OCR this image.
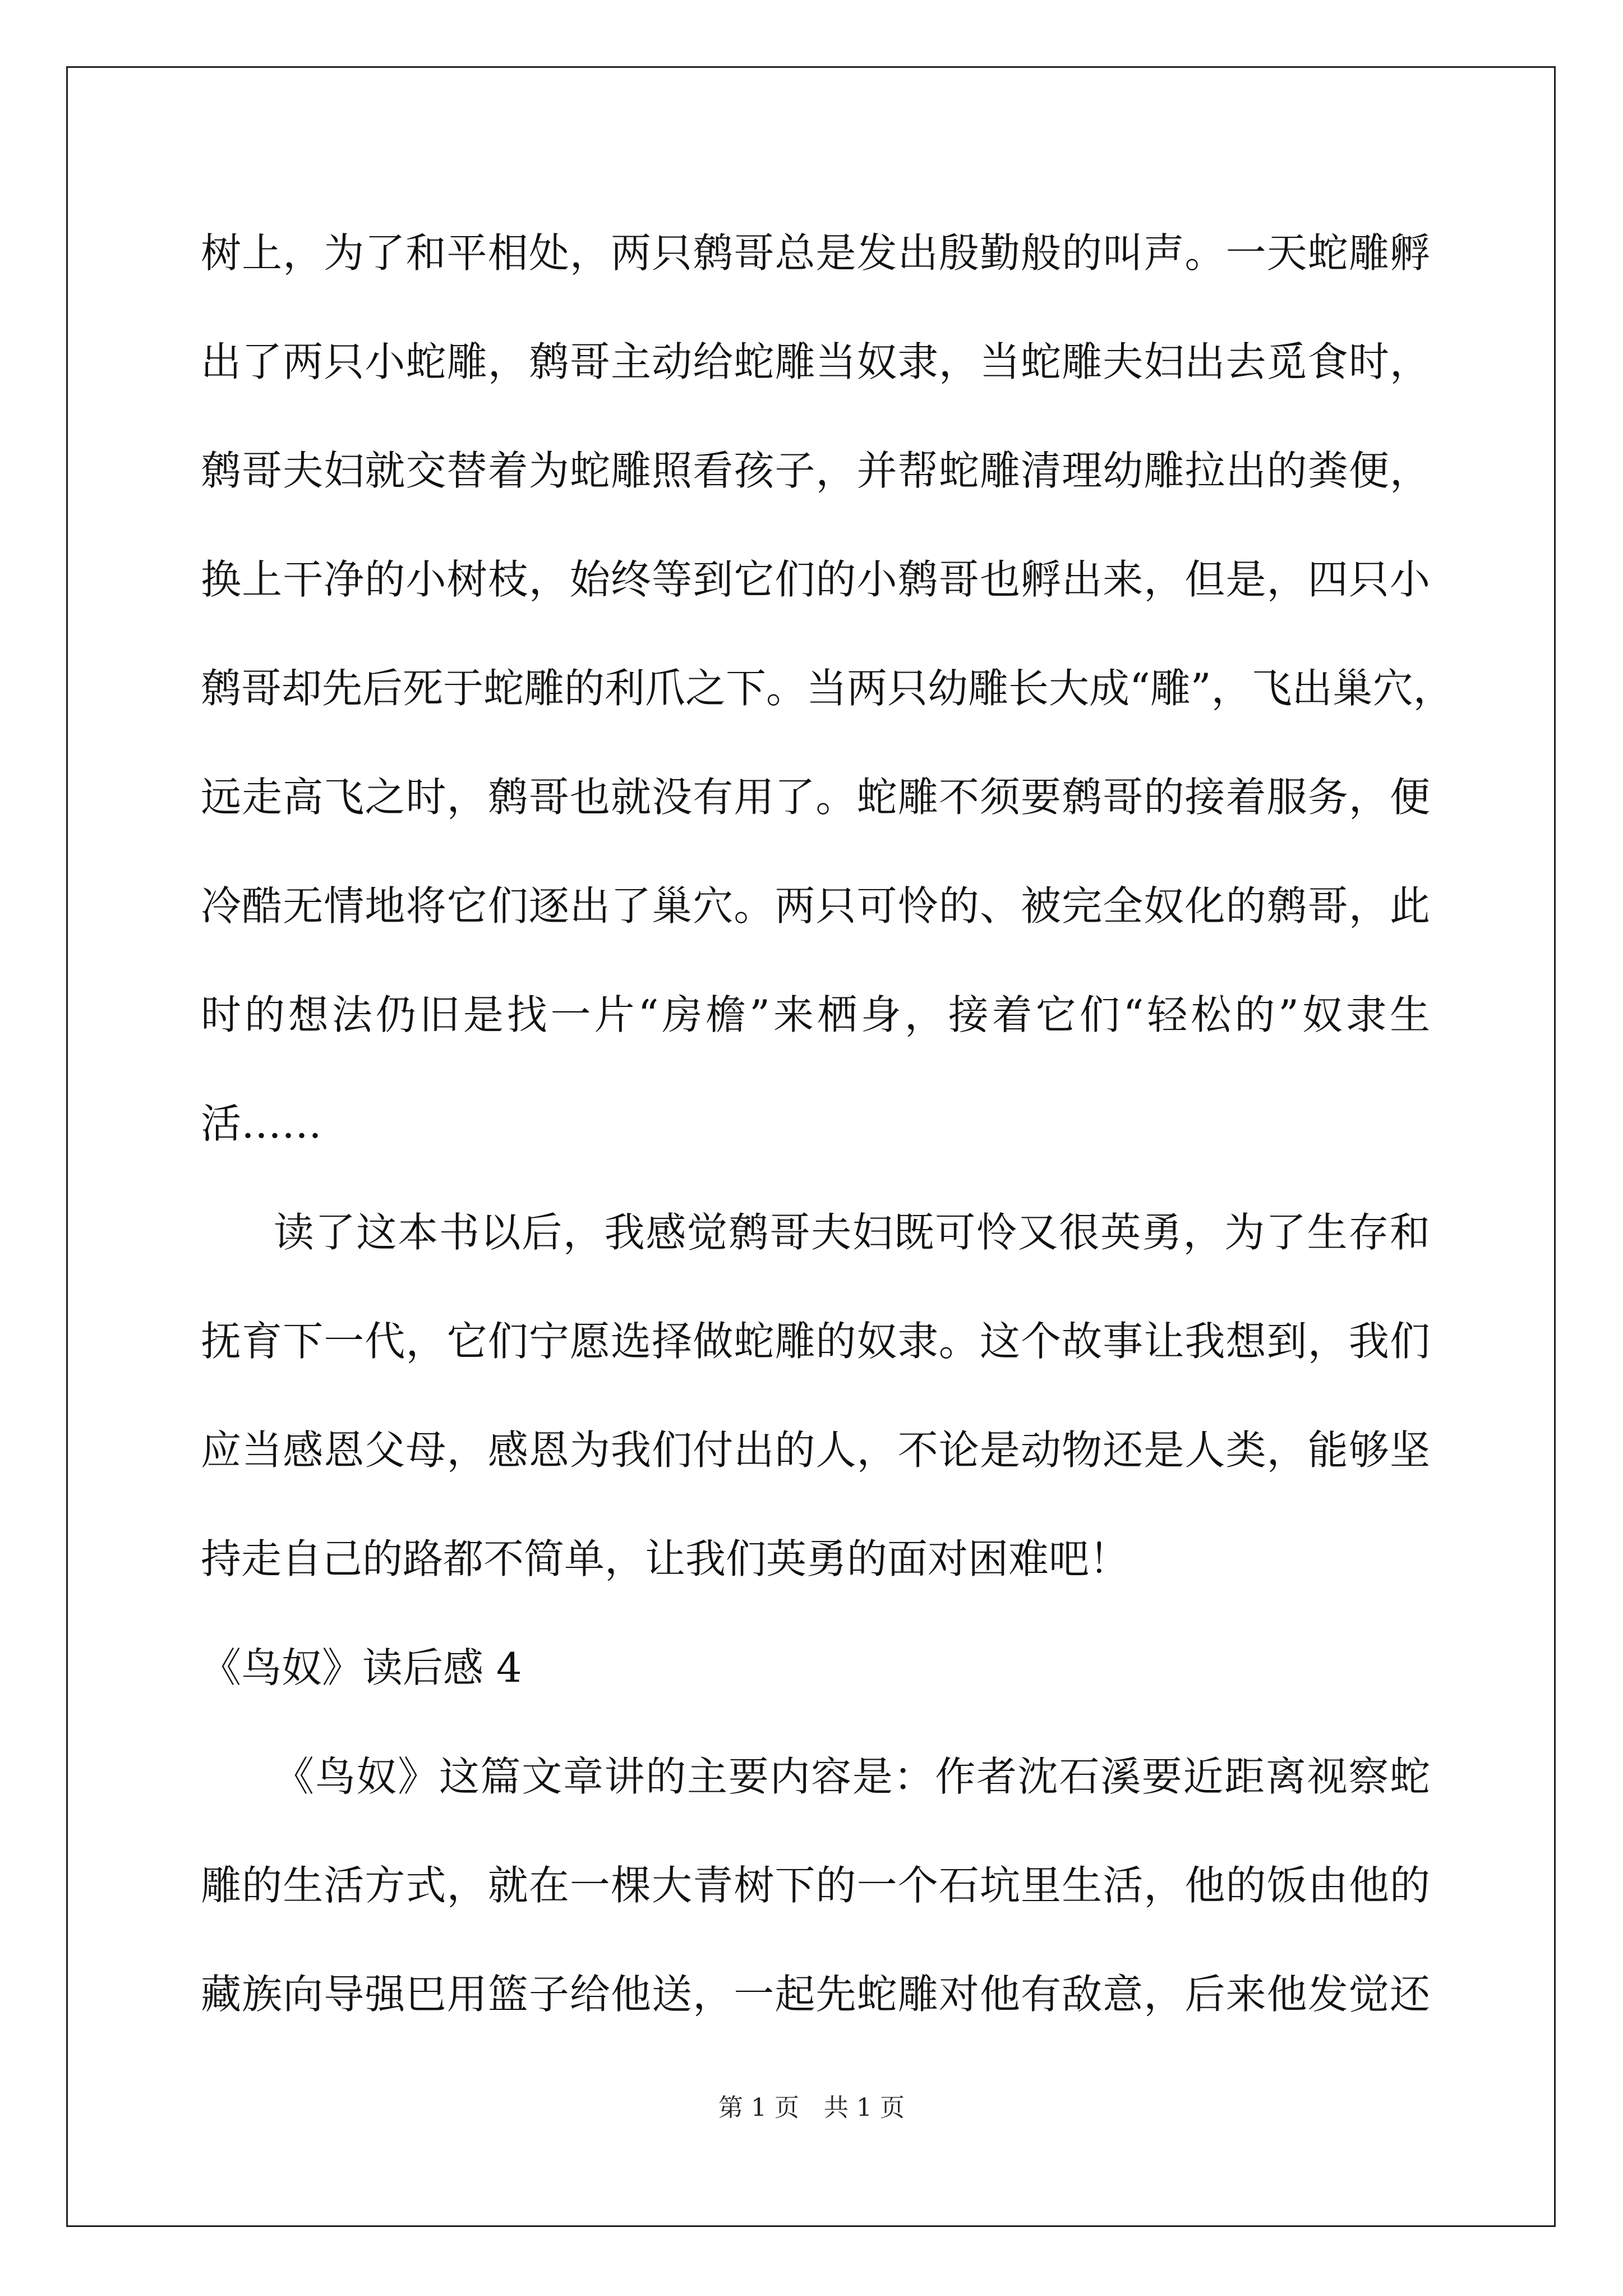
树上，为了和平相处，两只鹩哥总是发出殷勤般的叫声。一天蛇雕孵
出了两只小蛇雕，鹩哥主动给蛇雕当奴隶，当蛇雕夫妇出去觅食时，
鹩哥夫妇就交替着为蛇雕照看孩子，并帮蛇雕清理幼雕拉出的粪便，
换上干净的小树枝，始终等到它们的小鹩哥也孵出来，但是，四只小
鹩哥却先后死于蛇雕的利爪之下。当两只幼雕长大成“雕”，飞出巢穴，
远走高飞之时，鹩哥也就没有用了。蛇雕不须要鹩哥的接着服务，便
冷酷无情地将它们逐出了巢穴。两只可怜的、被完全奴化的鹩哥，此
时的想法仍旧是找一片“房檐”来栖身，接着它们“轻松的”奴隶生
活……
读了这本书以后，我感觉鹩哥夫妇既可怜又很英勇，为了生存和
抚育下一代，它们宁愿选择做蛇雕的奴隶。这个故事让我想到，我们
应当感恩父母，感恩为我们付出的人，不论是动物还是人类，能够坚
持走自己的路都不简单，让我们英勇的面对困难吧！
《鸟奴》读后感 4
《鸟奴》这篇文章讲的主要内容是：作者沈石溪要近距离视察蛇
雕的生活方式，就在一棵大青树下的一个石坑里生活，他的饭由他的
藏族向导强巴用篮子给他送，一起先蛇雕对他有敌意，后来他发觉还
第 1 页 共 1 页
